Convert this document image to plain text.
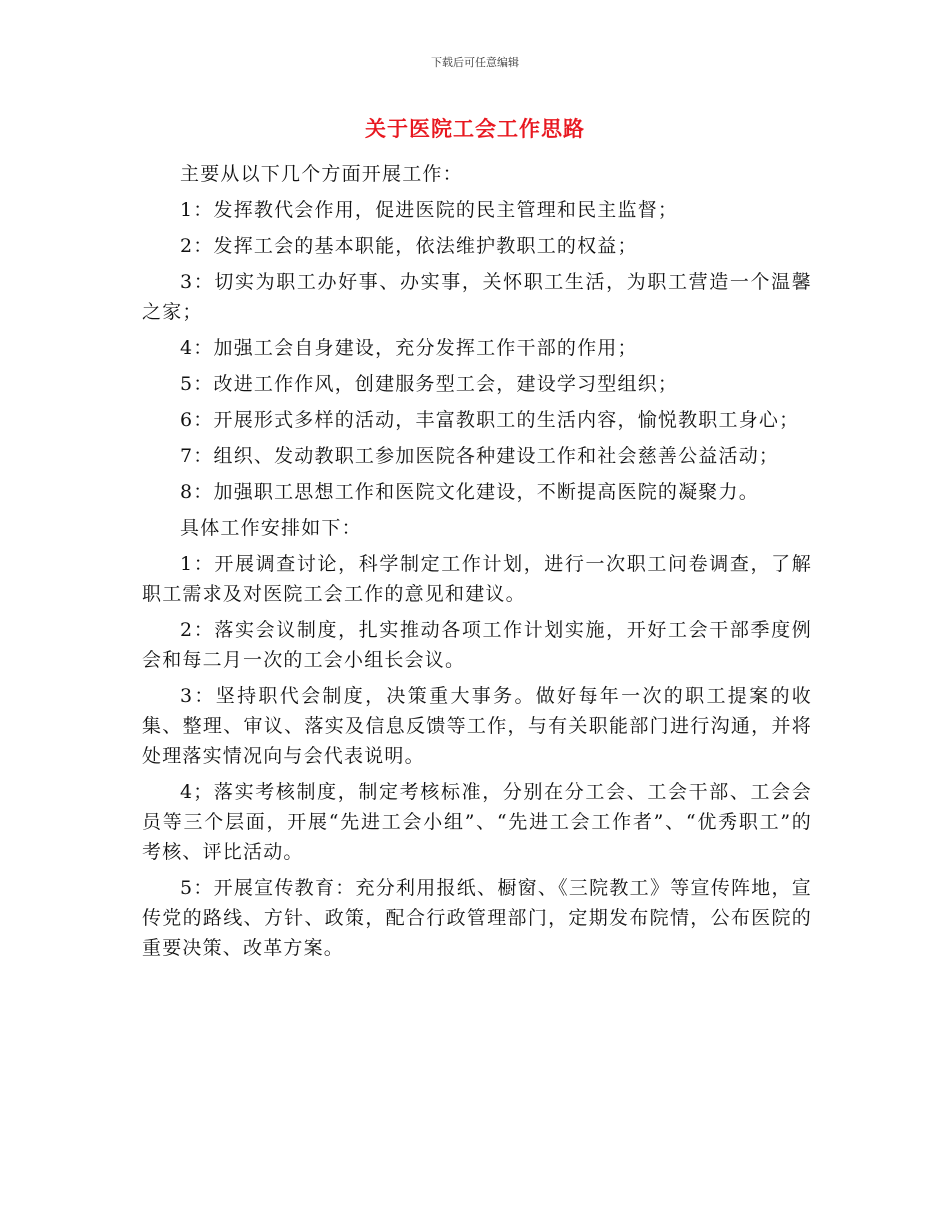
下载后可任意编辑
关于医院工会工作思路

主要从以下几个方面开展工作：

1：发挥教代会作用，促进医院的民主管理和民主监督；

2：发挥工会的基本职能，依法维护教职工的权益；

3：切实为职工办好事、办实事，关怀职工生活，为职工营造一个温馨之家；

4：加强工会自身建设，充分发挥工作干部的作用；

5：改进工作作风，创建服务型工会，建设学习型组织；

6：开展形式多样的活动，丰富教职工的生活内容，愉悦教职工身心；

7：组织、发动教职工参加医院各种建设工作和社会慈善公益活动；

8：加强职工思想工作和医院文化建设，不断提高医院的凝聚力。

具体工作安排如下：

1：开展调查讨论，科学制定工作计划，进行一次职工问卷调查，了解职工需求及对医院工会工作的意见和建议。

2：落实会议制度，扎实推动各项工作计划实施，开好工会干部季度例会和每二月一次的工会小组长会议。

3：坚持职代会制度，决策重大事务。做好每年一次的职工提案的收集、整理、审议、落实及信息反馈等工作，与有关职能部门进行沟通，并将处理落实情况向与会代表说明。

4；落实考核制度，制定考核标准，分别在分工会、工会干部、工会会员等三个层面，开展“先进工会小组”、“先进工会工作者”、“优秀职工”的考核、评比活动。

5：开展宣传教育：充分利用报纸、橱窗、《三院教工》等宣传阵地，宣传党的路线、方针、政策，配合行政管理部门，定期发布院情，公布医院的重要决策、改革方案。
